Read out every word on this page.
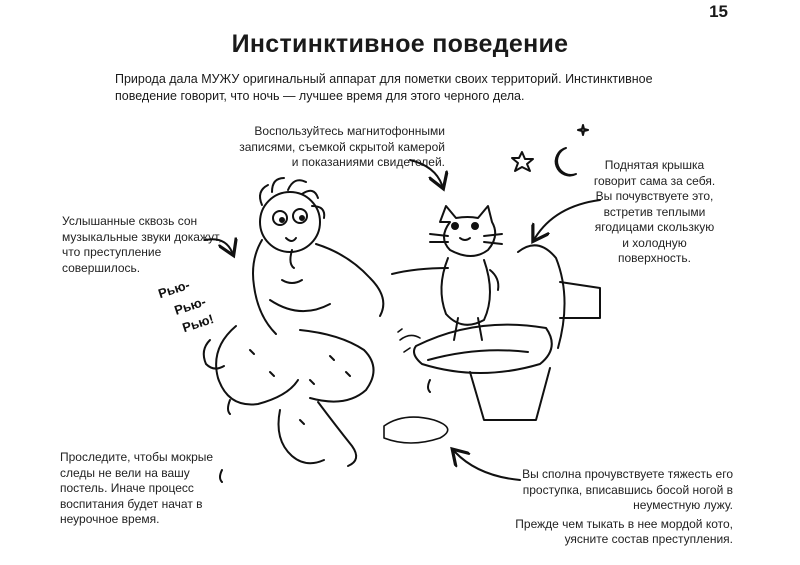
15
Инстинктивное поведение
Природа дала МУЖУ оригинальный аппарат для пометки своих территорий. Инстинктивное поведение говорит, что ночь — лучшее время для этого черного дела.
Воспользуйтесь магнитофонными записями, съемкой скрытой камерой и показаниями свидетелей.
Услышанные сквозь сон музыкальные звуки докажут, что преступление совершилось.
Поднятая крышка говорит сама за себя. Вы почувствуете это, встретив теплыми ягодицами скользкую и холодную поверхность.
Проследите, чтобы мокрые следы не вели на вашу постель. Иначе процесс воспитания будет начат в неурочное время.

Вы сполна прочувствуете тяжесть его проступка, вписавшись босой ногой в неуместную лужу.

Прежде чем тыкать в нее мордой кото, уясните состав преступления.

Рью-
Рью-
Рью!
